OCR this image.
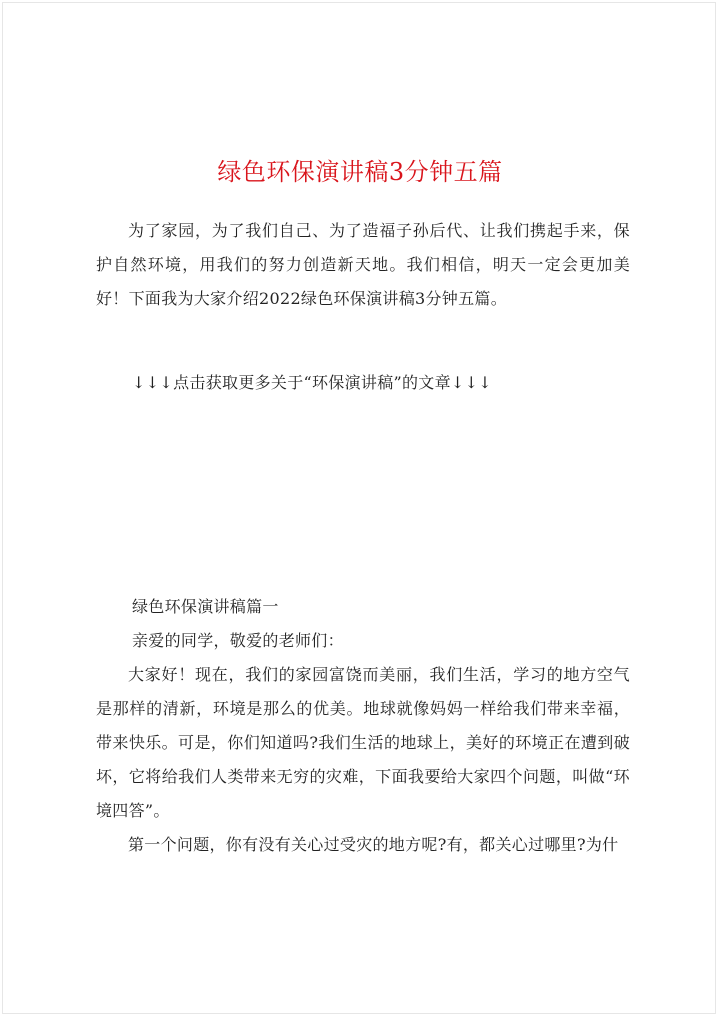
绿色环保演讲稿3分钟五篇

为了家园，为了我们自己、为了造福子孙后代、让我们携起手来，保护自然环境，用我们的努力创造新天地。我们相信，明天一定会更加美好！下面我为大家介绍2022绿色环保演讲稿3分钟五篇。

↓↓↓点击获取更多关于“环保演讲稿”的文章↓↓↓
绿色环保演讲稿篇一
亲爱的同学，敬爱的老师们：

大家好！现在，我们的家园富饶而美丽，我们生活，学习的地方空气是那样的清新，环境是那么的优美。地球就像妈妈一样给我们带来幸福，带来快乐。可是，你们知道吗?我们生活的地球上，美好的环境正在遭到破坏，它将给我们人类带来无穷的灾难，下面我要给大家四个问题，叫做“环境四答”。

第一个问题，你有没有关心过受灾的地方呢?有，都关心过哪里?为什
